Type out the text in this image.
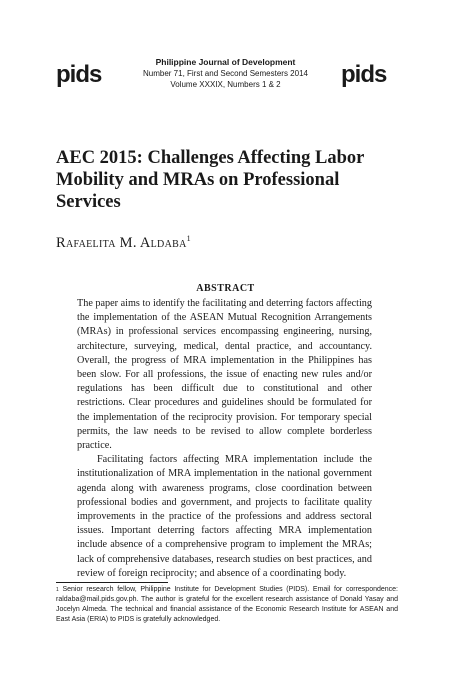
pids	Philippine Journal of Development
Number 71, First and Second Semesters 2014
Volume XXXIX, Numbers 1 & 2	pids
AEC 2015: Challenges Affecting Labor Mobility and MRAs on Professional Services
Rafaelita M. Aldaba$^1$
ABSTRACT

The paper aims to identify the facilitating and deterring factors affecting the implementation of the ASEAN Mutual Recognition Arrangements (MRAs) in professional services encompassing engineering, nursing, architecture, surveying, medical, dental practice, and accountancy. Overall, the progress of MRA implementation in the Philippines has been slow. For all professions, the issue of enacting new rules and/or regulations has been difficult due to constitutional and other restrictions. Clear procedures and guidelines should be formulated for the implementation of the reciprocity provision. For temporary special permits, the law needs to be revised to allow complete borderless practice.

Facilitating factors affecting MRA implementation include the institutionalization of MRA implementation in the national government agenda along with awareness programs, close coordination between professional bodies and government, and projects to facilitate quality improvements in the practice of the professions and address sectoral issues. Important deterring factors affecting MRA implementation include absence of a comprehensive program to implement the MRAs; lack of comprehensive databases, research studies on best practices, and review of foreign reciprocity; and absence of a coordinating body.

$^1$ Senior research fellow, Philippine Institute for Development Studies (PIDS). Email for correspondence: raldaba@mail.pids.gov.ph. The author is grateful for the excellent research assistance of Donald Yasay and Jocelyn Almeda. The technical and financial assistance of the Economic Research Institute for ASEAN and East Asia (ERIA) to PIDS is gratefully acknowledged.
